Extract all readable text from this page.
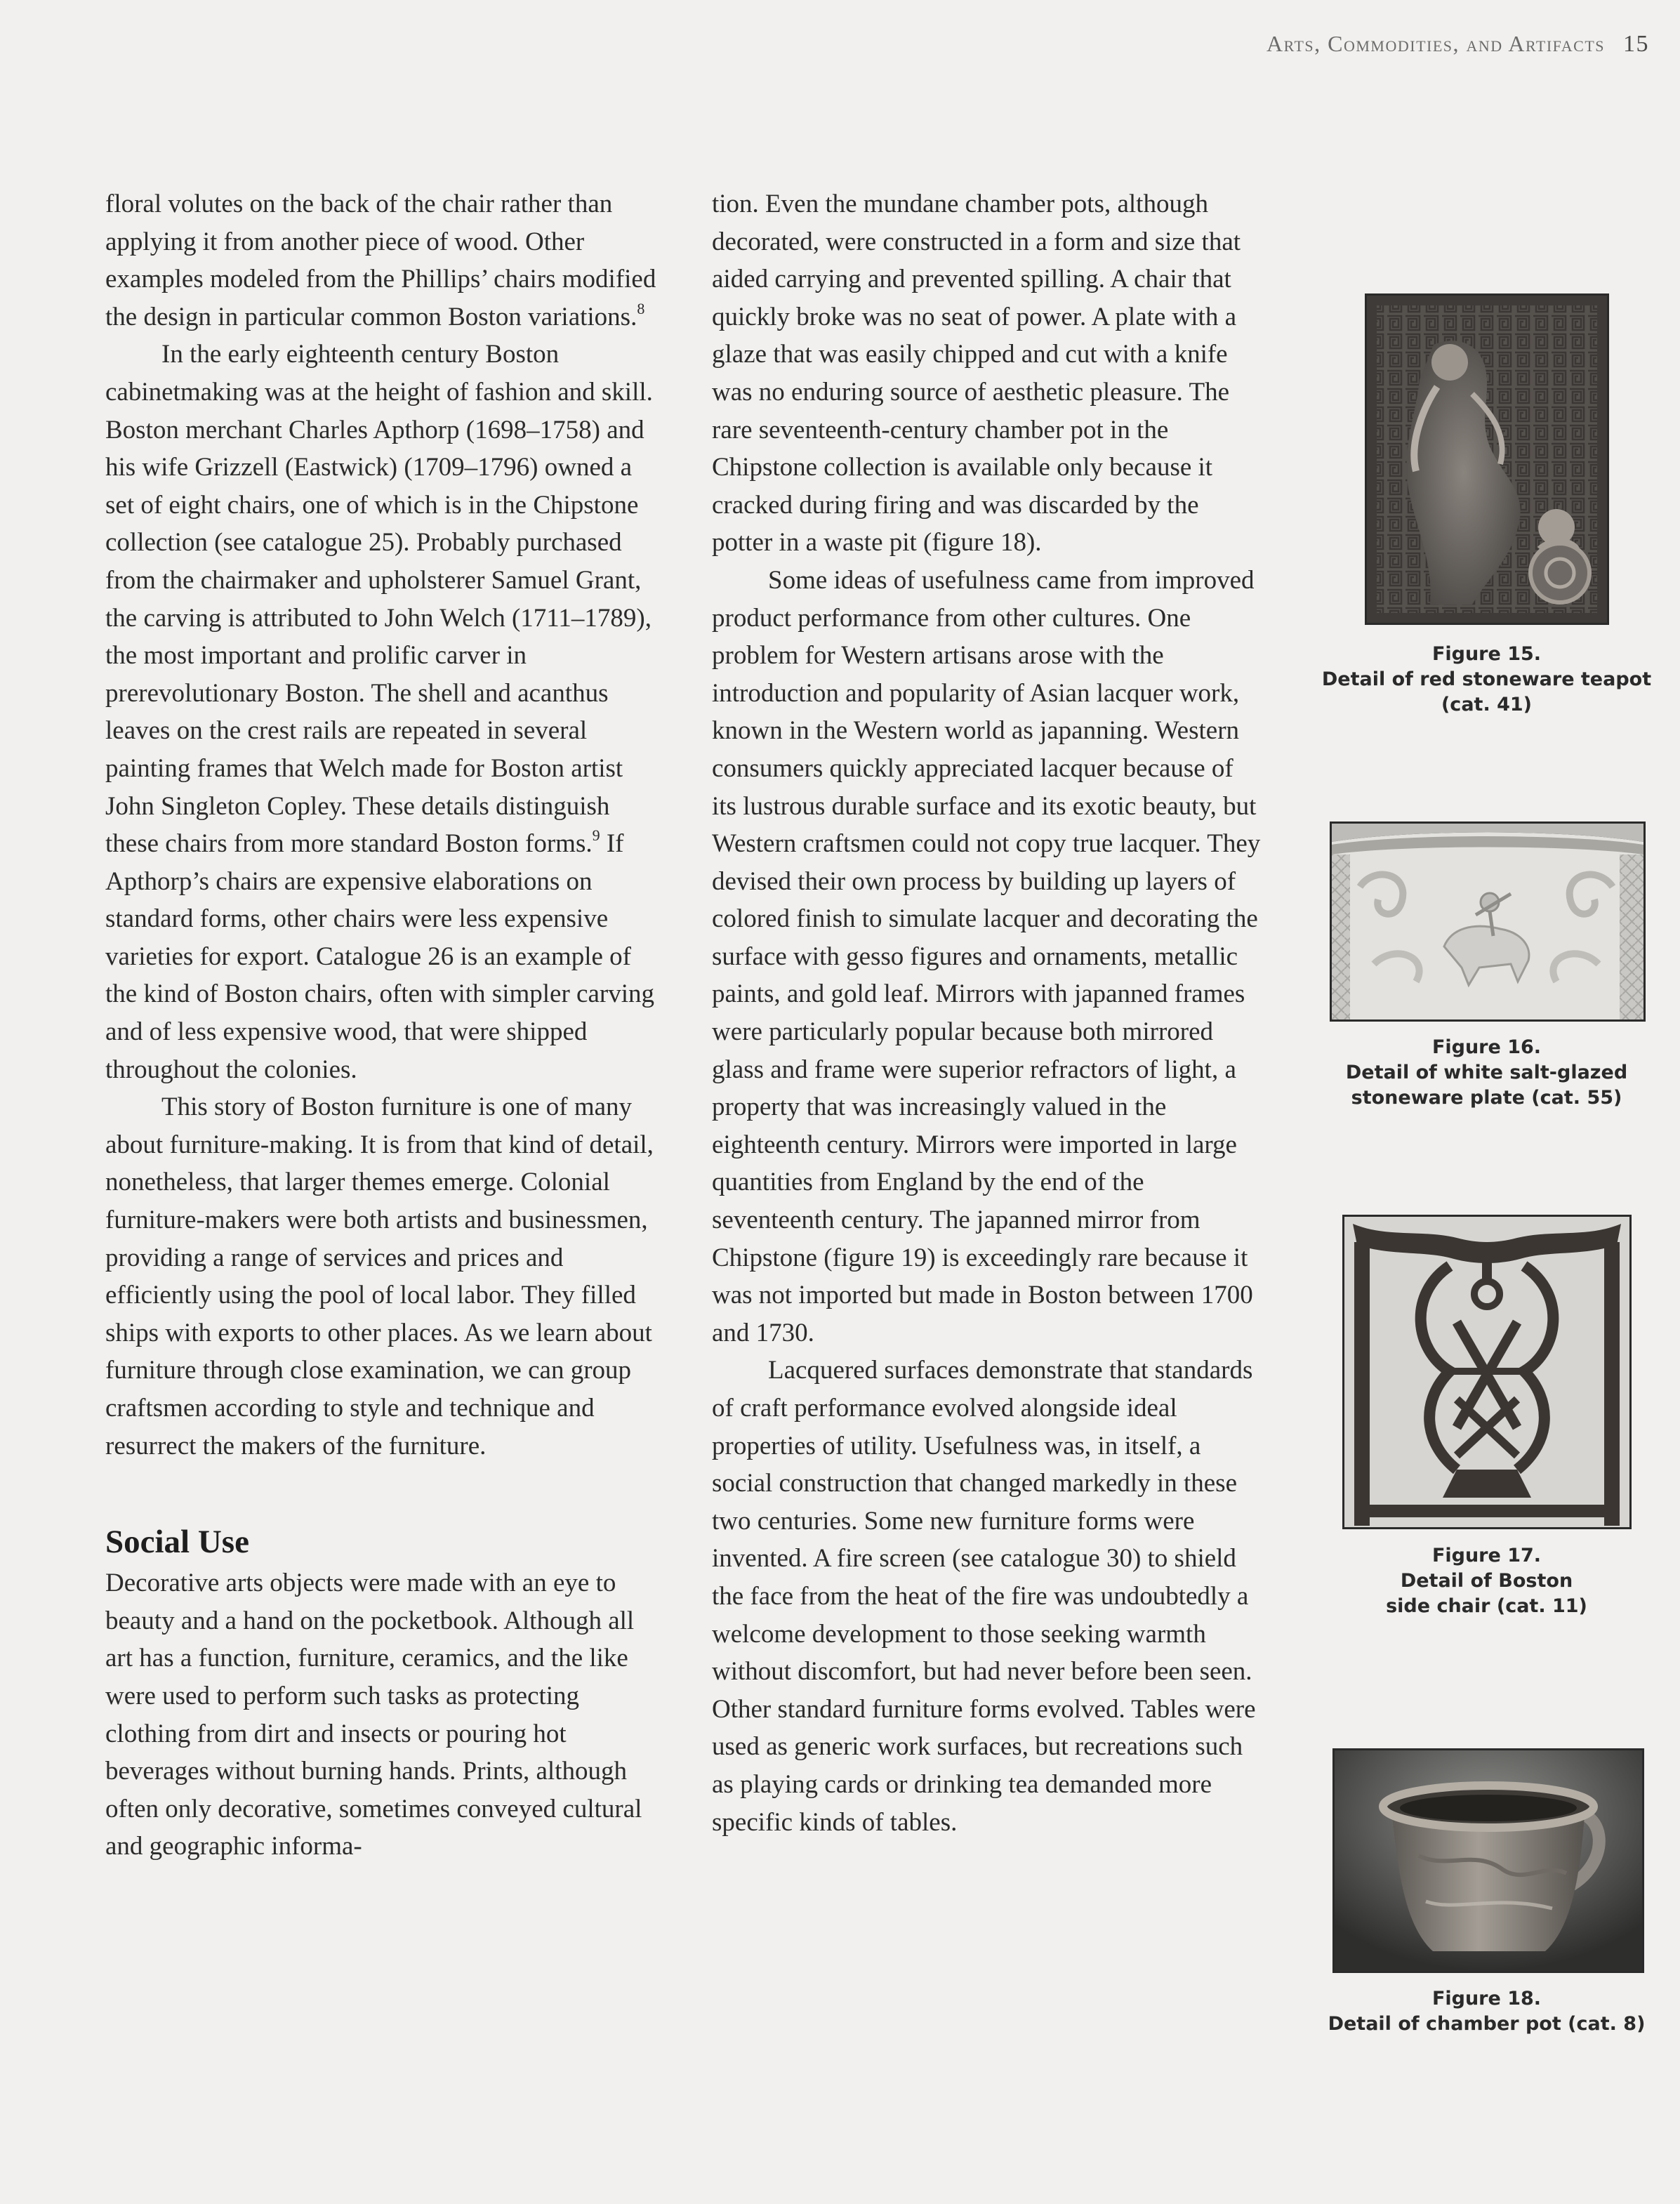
Arts, Commodities, and Artifacts 15

floral volutes on the back of the chair rather than applying it from another piece of wood. Other examples modeled from the Phillips’ chairs modified the design in particular common Boston variations.$^8$

In the early eighteenth century Boston cabinetmaking was at the height of fashion and skill. Boston merchant Charles Apthorp (1698–1758) and his wife Grizzell (Eastwick) (1709–1796) owned a set of eight chairs, one of which is in the Chipstone collection (see catalogue 25). Probably purchased from the chairmaker and upholsterer Samuel Grant, the carving is attributed to John Welch (1711–1789), the most important and prolific carver in prerevolutionary Boston. The shell and acanthus leaves on the crest rails are repeated in several painting frames that Welch made for Boston artist John Singleton Copley. These details distinguish these chairs from more standard Boston forms.$^9$ If Apthorp’s chairs are expensive elaborations on standard forms, other chairs were less expensive varieties for export. Catalogue 26 is an example of the kind of Boston chairs, often with simpler carving and of less expensive wood, that were shipped throughout the colonies.

This story of Boston furniture is one of many about furniture-making. It is from that kind of detail, nonetheless, that larger themes emerge. Colonial furniture-makers were both artists and businessmen, providing a range of services and prices and efficiently using the pool of local labor. They filled ships with exports to other places. As we learn about furniture through close examination, we can group craftsmen according to style and technique and resurrect the makers of the furniture.

Social Use

Decorative arts objects were made with an eye to beauty and a hand on the pocketbook. Although all art has a function, furniture, ceramics, and the like were used to perform such tasks as protecting clothing from dirt and insects or pouring hot beverages without burning hands. Prints, although often only decorative, sometimes conveyed cultural and geographic informa-

tion. Even the mundane chamber pots, although decorated, were constructed in a form and size that aided carrying and prevented spilling. A chair that quickly broke was no seat of power. A plate with a glaze that was easily chipped and cut with a knife was no enduring source of aesthetic pleasure. The rare seventeenth-century chamber pot in the Chipstone collection is available only because it cracked during firing and was discarded by the potter in a waste pit (figure 18).

Some ideas of usefulness came from improved product performance from other cultures. One problem for Western artisans arose with the introduction and popularity of Asian lacquer work, known in the Western world as japanning. Western consumers quickly appreciated lacquer because of its lustrous durable surface and its exotic beauty, but Western craftsmen could not copy true lacquer. They devised their own process by building up layers of colored finish to simulate lacquer and decorating the surface with gesso figures and ornaments, metallic paints, and gold leaf. Mirrors with japanned frames were particularly popular because both mirrored glass and frame were superior refractors of light, a property that was increasingly valued in the eighteenth century. Mirrors were imported in large quantities from England by the end of the seventeenth century. The japanned mirror from Chipstone (figure 19) is exceedingly rare because it was not imported but made in Boston between 1700 and 1730.

Lacquered surfaces demonstrate that standards of craft performance evolved alongside ideal properties of utility. Usefulness was, in itself, a social construction that changed markedly in these two centuries. Some new furniture forms were invented. A fire screen (see catalogue 30) to shield the face from the heat of the fire was undoubtedly a welcome development to those seeking warmth without discomfort, but had never before been seen. Other standard furniture forms evolved. Tables were used as generic work surfaces, but recreations such as playing cards or drinking tea demanded more specific kinds of tables.

Figure 15.
Detail of red stoneware teapot
(cat. 41)
Figure 16.
Detail of white salt-glazed
stoneware plate (cat. 55)
Figure 17.
Detail of Boston
side chair (cat. 11)
Figure 18.
Detail of chamber pot (cat. 8)
